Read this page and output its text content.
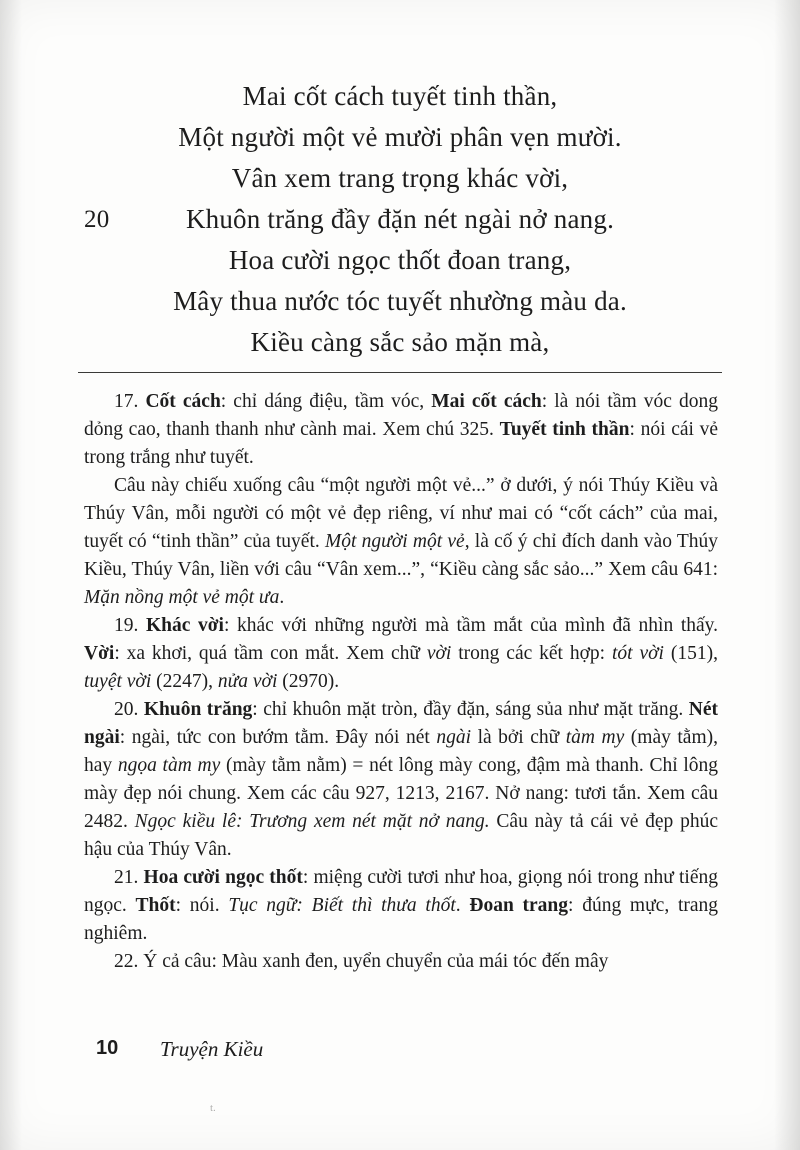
Mai cốt cách tuyết tinh thần,
Một người một vẻ mười phân vẹn mười.
Vân xem trang trọng khác vời,
20	Khuôn trăng đầy đặn nét ngài nở nang.
Hoa cười ngọc thốt đoan trang,
Mây thua nước tóc tuyết nhường màu da.
Kiều càng sắc sảo mặn mà,

17. Cốt cách: chỉ dáng điệu, tầm vóc, Mai cốt cách: là nói tầm vóc dong dỏng cao, thanh thanh như cành mai. Xem chú 325. Tuyết tinh thần: nói cái vẻ trong trắng như tuyết.

Câu này chiếu xuống câu “một người một vẻ...” ở dưới, ý nói Thúy Kiều và Thúy Vân, mỗi người có một vẻ đẹp riêng, ví như mai có “cốt cách” của mai, tuyết có “tinh thần” của tuyết. Một người một vẻ, là cố ý chỉ đích danh vào Thúy Kiều, Thúy Vân, liền với câu “Vân xem...”, “Kiều càng sắc sảo...” Xem câu 641: Mặn nồng một vẻ một ưa.

19. Khác vời: khác với những người mà tầm mắt của mình đã nhìn thấy. Vời: xa khơi, quá tầm con mắt. Xem chữ vời trong các kết hợp: tót vời (151), tuyệt vời (2247), nửa vời (2970).

20. Khuôn trăng: chỉ khuôn mặt tròn, đầy đặn, sáng sủa như mặt trăng. Nét ngài: ngài, tức con bướm tằm. Đây nói nét ngài là bởi chữ tàm my (mày tằm), hay ngọa tàm my (mày tằm nằm) = nét lông mày cong, đậm mà thanh. Chỉ lông mày đẹp nói chung. Xem các câu 927, 1213, 2167. Nở nang: tươi tắn. Xem câu 2482. Ngọc kiều lê: Trương xem nét mặt nở nang. Câu này tả cái vẻ đẹp phúc hậu của Thúy Vân.

21. Hoa cười ngọc thốt: miệng cười tươi như hoa, giọng nói trong như tiếng ngọc. Thốt: nói. Tục ngữ: Biết thì thưa thốt. Đoan trang: đúng mực, trang nghiêm.

22. Ý cả câu: Màu xanh đen, uyển chuyển của mái tóc đến mây

10 Truyện Kiều
t.
